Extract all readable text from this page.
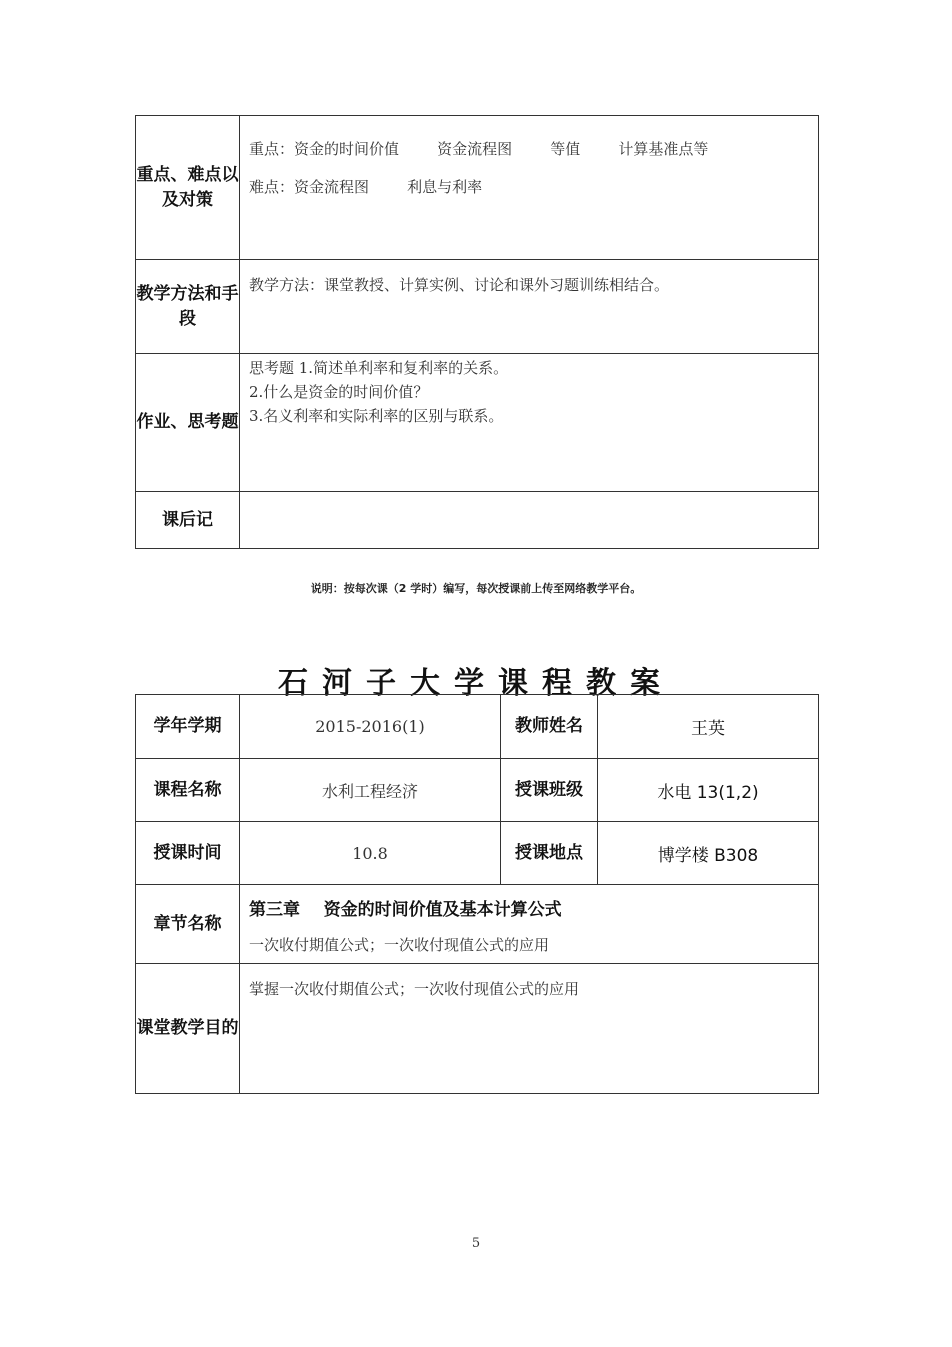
重点、难点以及对策	重点：资金的时间价值        资金流程图        等值        计算基准点等
难点：资金流程图        利息与利率

教学方法和手段	教学方法：课堂教授、计算实例、讨论和课外习题训练相结合。

作业、思考题	思考题 1.简述单利率和复利率的关系。
2.什么是资金的时间价值？
3.名义利率和实际利率的区别与联系。

课后记	
说明：按每次课（2 学时）编写，每次授课前上传至网络教学平台。
石河子大学课程教案
学年学期	2015-2016(1)	教师姓名	王英
课程名称	水利工程经济	授课班级	水电 13(1,2)
授课时间	10.8	授课地点	博学楼 B308
章节名称	第三章    资金的时间价值及基本计算公式
一次收付期值公式；一次收付现值公式的应用		

课堂教学目的	掌握一次收付期值公式；一次收付现值公式的应用		
5
